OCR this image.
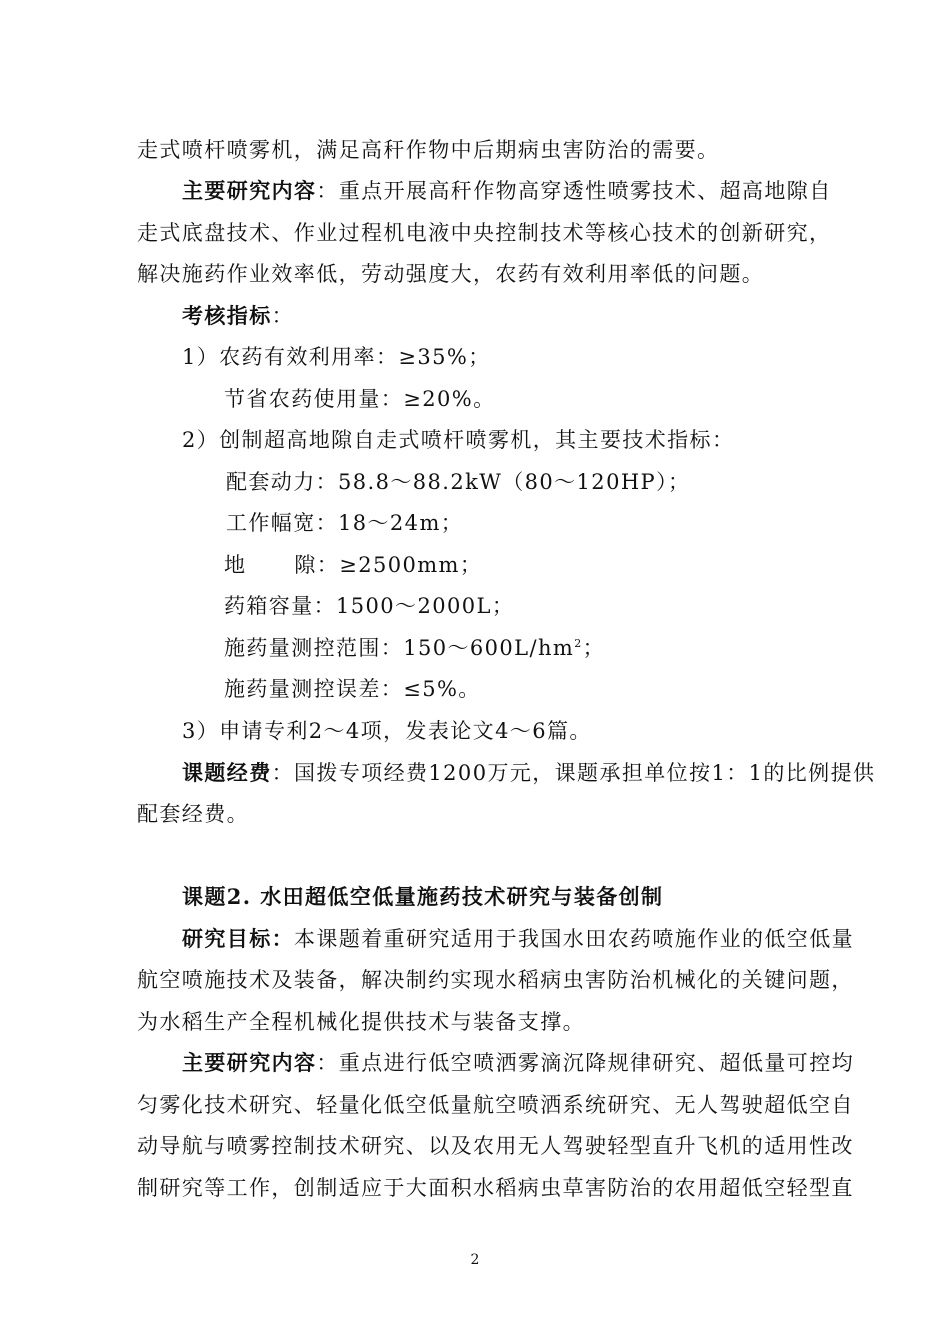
走式喷杆喷雾机，满足高秆作物中后期病虫害防治的需要。
主要研究内容：重点开展高秆作物高穿透性喷雾技术、超高地隙自
走式底盘技术、作业过程机电液中央控制技术等核心技术的创新研究，
解决施药作业效率低，劳动强度大，农药有效利用率低的问题。
考核指标：
1）农药有效利用率：≥35%；
节省农药使用量：≥20%。
2）创制超高地隙自走式喷杆喷雾机，其主要技术指标：
配套动力：58.8～88.2kW（80～120HP）；
工作幅宽：18～24m；
地 隙：≥2500mm；
药箱容量：1500～2000L；
施药量测控范围：$150\sim 600L/hm^2$；
施药量测控误差：≤5%。
3）申请专利2～4项，发表论文4～6篇。
课题经费：国拨专项经费1200万元，课题承担单位按1：1的比例提供
配套经费。
课题2. 水田超低空低量施药技术研究与装备创制
研究目标：本课题着重研究适用于我国水田农药喷施作业的低空低量
航空喷施技术及装备，解决制约实现水稻病虫害防治机械化的关键问题，
为水稻生产全程机械化提供技术与装备支撑。
主要研究内容：重点进行低空喷洒雾滴沉降规律研究、超低量可控均
匀雾化技术研究、轻量化低空低量航空喷洒系统研究、无人驾驶超低空自
动导航与喷雾控制技术研究、以及农用无人驾驶轻型直升飞机的适用性改
制研究等工作，创制适应于大面积水稻病虫草害防治的农用超低空轻型直
2
